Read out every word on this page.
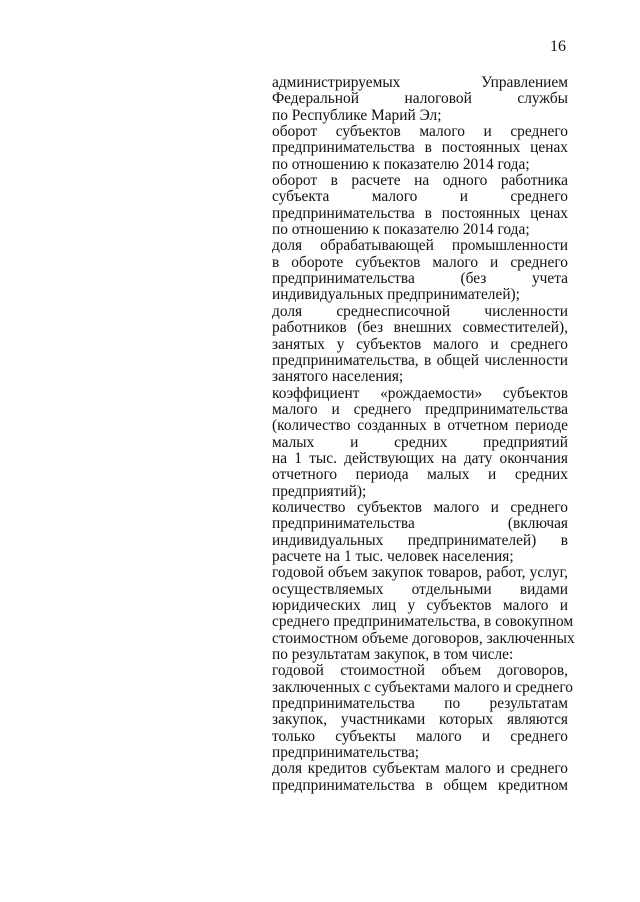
16
администрируемых Управлением
Федеральной налоговой службы
по Республике Марий Эл;
оборот субъектов малого и среднего
предпринимательства в постоянных ценах
по отношению к показателю 2014 года;
оборот в расчете на одного работника
субъекта малого и среднего
предпринимательства в постоянных ценах
по отношению к показателю 2014 года;
доля обрабатывающей промышленности
в обороте субъектов малого и среднего
предпринимательства (без учета
индивидуальных предпринимателей);
доля среднесписочной численности
работников (без внешних совместителей),
занятых у субъектов малого и среднего
предпринимательства, в общей численности
занятого населения;
коэффициент «рождаемости» субъектов
малого и среднего предпринимательства
(количество созданных в отчетном периоде
малых и средних предприятий
на 1 тыс. действующих на дату окончания
отчетного периода малых и средних
предприятий);
количество субъектов малого и среднего
предпринимательства (включая
индивидуальных предпринимателей) в
расчете на 1 тыс. человек населения;
годовой объем закупок товаров, работ, услуг,
осуществляемых отдельными видами
юридических лиц у субъектов малого и
среднего предпринимательства, в совокупном
стоимостном объеме договоров, заключенных
по результатам закупок, в том числе:
годовой стоимостной объем договоров,
заключенных с субъектами малого и среднего
предпринимательства по результатам
закупок, участниками которых являются
только субъекты малого и среднего
предпринимательства;
доля кредитов субъектам малого и среднего
предпринимательства в общем кредитном
